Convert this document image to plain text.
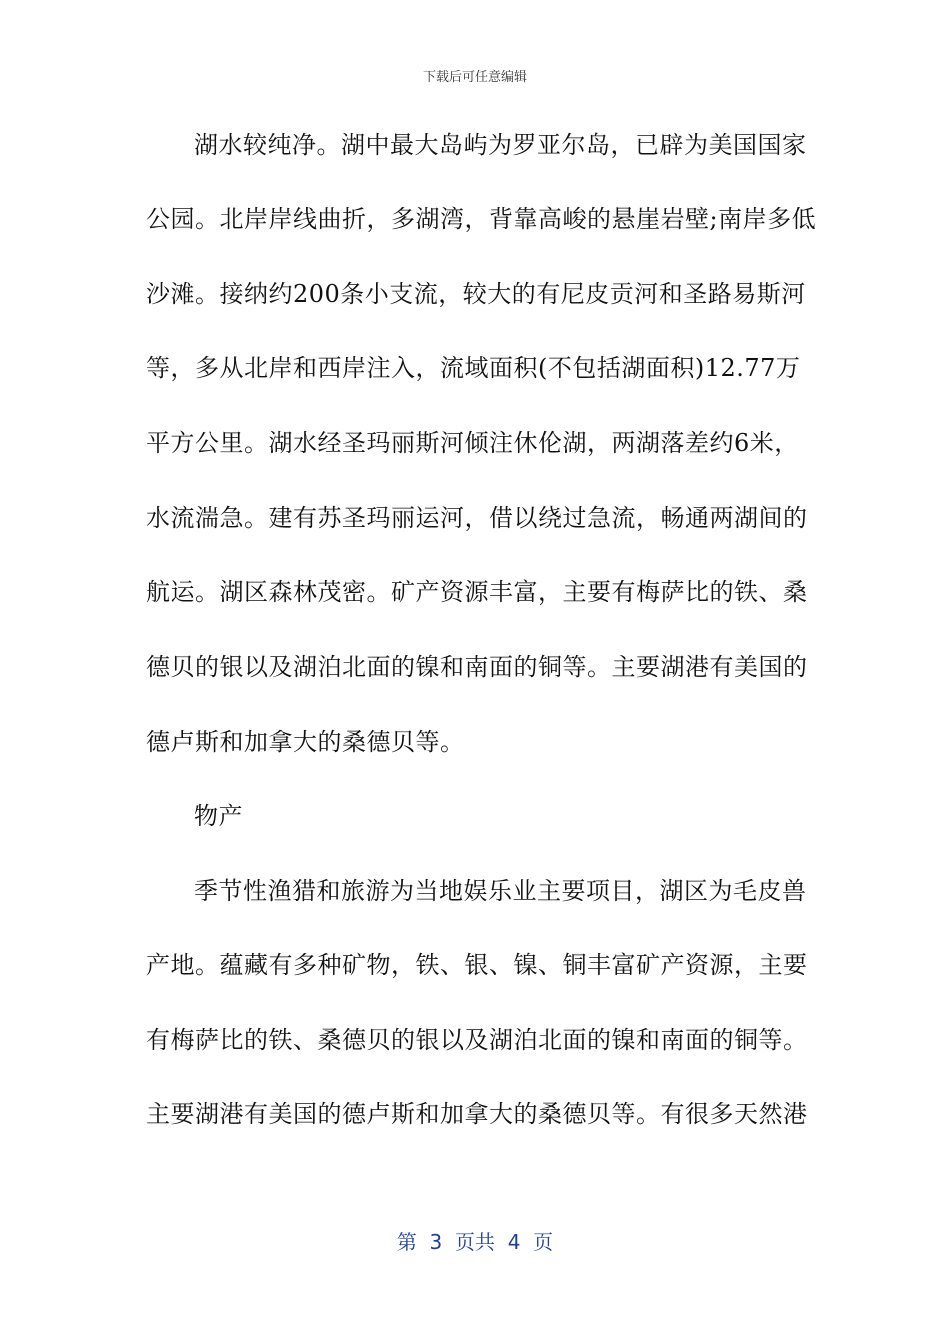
下载后可任意编辑
湖水较纯净。湖中最大岛屿为罗亚尔岛，已辟为美国国家
公园。北岸岸线曲折，多湖湾，背靠高峻的悬崖岩壁;南岸多低
沙滩。接纳约200条小支流，较大的有尼皮贡河和圣路易斯河
等，多从北岸和西岸注入，流域面积(不包括湖面积)12.77万
平方公里。湖水经圣玛丽斯河倾注休伦湖，两湖落差约6米，
水流湍急。建有苏圣玛丽运河，借以绕过急流，畅通两湖间的
航运。湖区森林茂密。矿产资源丰富，主要有梅萨比的铁、桑
德贝的银以及湖泊北面的镍和南面的铜等。主要湖港有美国的
德卢斯和加拿大的桑德贝等。
物产
季节性渔猎和旅游为当地娱乐业主要项目，湖区为毛皮兽
产地。蕴藏有多种矿物，铁、银、镍、铜丰富矿产资源，主要
有梅萨比的铁、桑德贝的银以及湖泊北面的镍和南面的铜等。
主要湖港有美国的德卢斯和加拿大的桑德贝等。有很多天然港
第  3  页共  4  页
